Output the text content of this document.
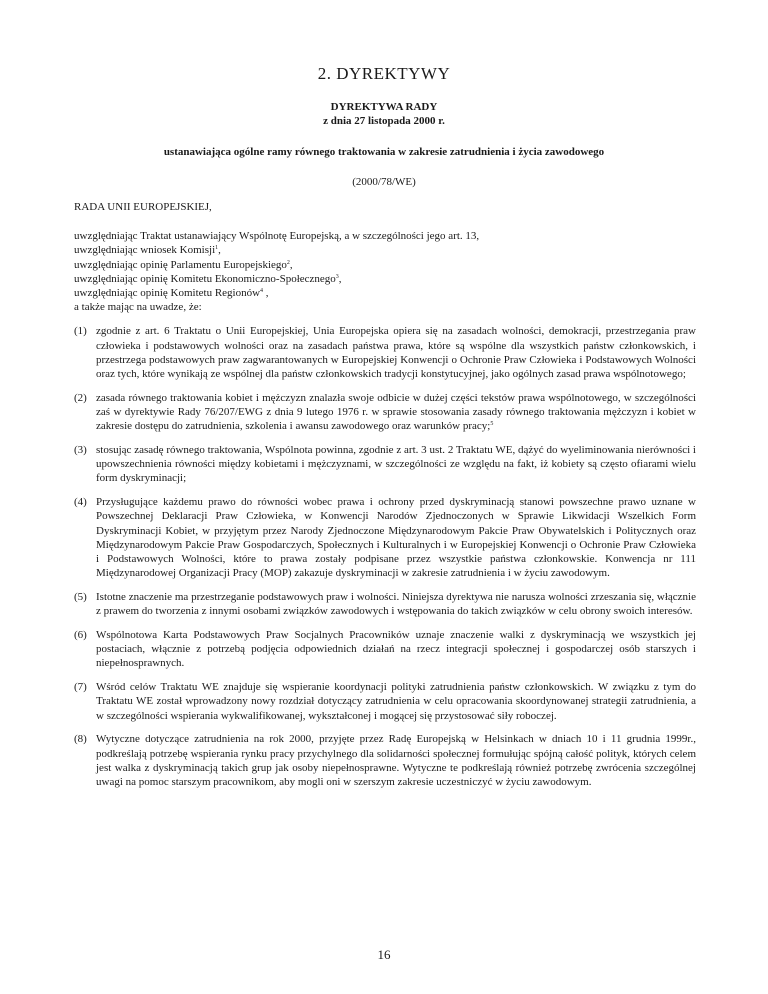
2. DYREKTYWY
DYREKTYWA RADY
z dnia 27 listopada 2000 r.
ustanawiająca ogólne ramy równego traktowania w zakresie zatrudnienia i życia zawodowego
(2000/78/WE)
RADA UNII EUROPEJSKIEJ,
uwzględniając Traktat ustanawiający Wspólnotę Europejską, a w szczególności jego art. 13,
uwzględniając wniosek Komisji$^1$,
uwzględniając opinię Parlamentu Europejskiego$^2$,
uwzględniając opinię Komitetu Ekonomiczno-Społecznego$^3$,
uwzględniając opinię Komitetu Regionów$^4$ ,
a także mając na uwadze, że:
(1) zgodnie z art. 6 Traktatu o Unii Europejskiej, Unia Europejska opiera się na zasadach wolności, demokracji, przestrzegania praw człowieka i podstawowych wolności oraz na zasadach państwa prawa, które są wspólne dla wszystkich państw członkowskich, i przestrzega podstawowych praw zagwarantowanych w Europejskiej Konwencji o Ochronie Praw Człowieka i Podstawowych Wolności oraz tych, które wynikają ze wspólnej dla państw członkowskich tradycji konstytucyjnej, jako ogólnych zasad prawa wspólnotowego;
(2) zasada równego traktowania kobiet i mężczyzn znalazła swoje odbicie w dużej części tekstów prawa wspólnotowego, w szczególności zaś w dyrektywie Rady 76/207/EWG z dnia 9 lutego 1976 r. w sprawie stosowania zasady równego traktowania mężczyzn i kobiet w zakresie dostępu do zatrudnienia, szkolenia i awansu zawodowego oraz warunków pracy;$^5$
(3) stosując zasadę równego traktowania, Wspólnota powinna, zgodnie z art. 3 ust. 2 Traktatu WE, dążyć do wyeliminowania nierówności i upowszechnienia równości między kobietami i mężczyznami, w szczególności ze względu na fakt, iż kobiety są często ofiarami wielu form dyskryminacji;
(4) Przysługujące każdemu prawo do równości wobec prawa i ochrony przed dyskryminacją stanowi powszechne prawo uznane w Powszechnej Deklaracji Praw Człowieka, w Konwencji Narodów Zjednoczonych w Sprawie Likwidacji Wszelkich Form Dyskryminacji Kobiet, w przyjętym przez Narody Zjednoczone Międzynarodowym Pakcie Praw Obywatelskich i Politycznych oraz Międzynarodowym Pakcie Praw Gospodarczych, Społecznych i Kulturalnych i w Europejskiej Konwencji o Ochronie Praw Człowieka i Podstawowych Wolności, które to prawa zostały podpisane przez wszystkie państwa członkowskie. Konwencja nr 111 Międzynarodowej Organizacji Pracy (MOP) zakazuje dyskryminacji w zakresie zatrudnienia i w życiu zawodowym.
(5) Istotne znaczenie ma przestrzeganie podstawowych praw i wolności. Niniejsza dyrektywa nie narusza wolności zrzeszania się, włącznie z prawem do tworzenia z innymi osobami związków zawodowych i wstępowania do takich związków w celu obrony swoich interesów.
(6) Wspólnotowa Karta Podstawowych Praw Socjalnych Pracowników uznaje znaczenie walki z dyskryminacją we wszystkich jej postaciach, włącznie z potrzebą podjęcia odpowiednich działań na rzecz integracji społecznej i gospodarczej osób starszych i niepełnosprawnych.
(7) Wśród celów Traktatu WE znajduje się wspieranie koordynacji polityki zatrudnienia państw członkowskich. W związku z tym do Traktatu WE został wprowadzony nowy rozdział dotyczący zatrudnienia w celu opracowania skoordynowanej strategii zatrudnienia, a w szczególności wspierania wykwalifikowanej, wykształconej i mogącej się przystosować siły roboczej.
(8) Wytyczne dotyczące zatrudnienia na rok 2000, przyjęte przez Radę Europejską w Helsinkach w dniach 10 i 11 grudnia 1999r., podkreślają potrzebę wspierania rynku pracy przychylnego dla solidarności społecznej formułując spójną całość polityk, których celem jest walka z dyskryminacją takich grup jak osoby niepełnosprawne. Wytyczne te podkreślają również potrzebę zwrócenia szczególnej uwagi na pomoc starszym pracownikom, aby mogli oni w szerszym zakresie uczestniczyć w życiu zawodowym.
16
